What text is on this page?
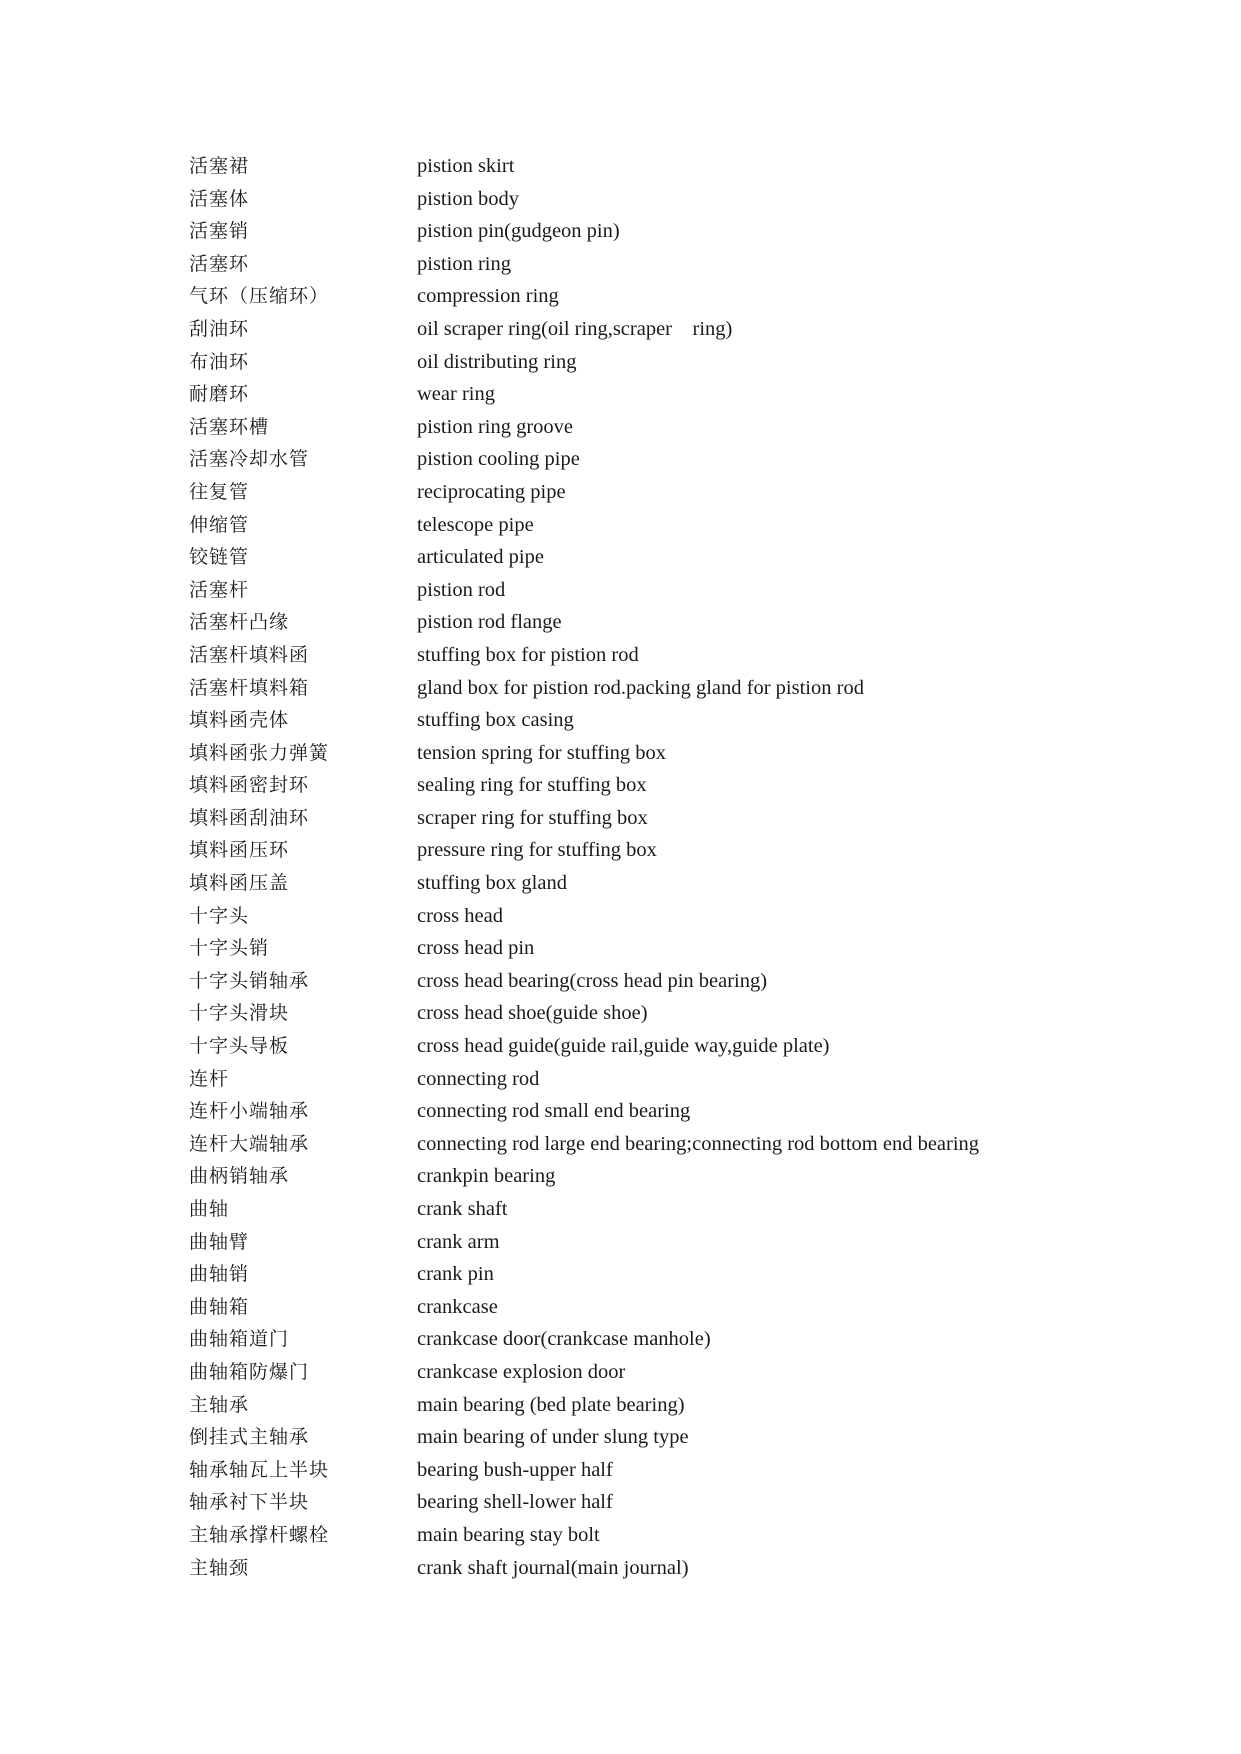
活塞裙	pistion skirt
活塞体	pistion body
活塞销	pistion pin(gudgeon pin)
活塞环	pistion ring
气环（压缩环）	compression ring
刮油环	oil scraper ring(oil ring,scraper    ring)
布油环	oil distributing ring
耐磨环	wear ring
活塞环槽	pistion ring groove
活塞冷却水管	pistion cooling pipe
往复管	reciprocating pipe
伸缩管	telescope pipe
铰链管	articulated pipe
活塞杆	pistion rod
活塞杆凸缘	pistion rod flange
活塞杆填料函	stuffing box for pistion rod
活塞杆填料箱	gland box for pistion rod.packing gland for pistion rod
填料函壳体	stuffing box casing
填料函张力弹簧	tension spring for stuffing box
填料函密封环	sealing ring for stuffing box
填料函刮油环	scraper ring for stuffing box
填料函压环	pressure ring for stuffing box
填料函压盖	stuffing box gland
十字头	cross head
十字头销	cross head pin
十字头销轴承	cross head bearing(cross head pin bearing)
十字头滑块	cross head shoe(guide shoe)
十字头导板	cross head guide(guide rail,guide way,guide plate)
连杆	connecting rod
连杆小端轴承	connecting rod small end bearing
连杆大端轴承	connecting rod large end bearing;connecting rod bottom end bearing
曲柄销轴承	crankpin bearing
曲轴	crank shaft
曲轴臂	crank arm
曲轴销	crank pin
曲轴箱	crankcase
曲轴箱道门	crankcase door(crankcase manhole)
曲轴箱防爆门	crankcase explosion door
主轴承	main bearing (bed plate bearing)
倒挂式主轴承	main bearing of under slung type
轴承轴瓦上半块	bearing bush-upper half
轴承衬下半块	bearing shell-lower half
主轴承撑杆螺栓	main bearing stay bolt
主轴颈	crank shaft journal(main journal)
